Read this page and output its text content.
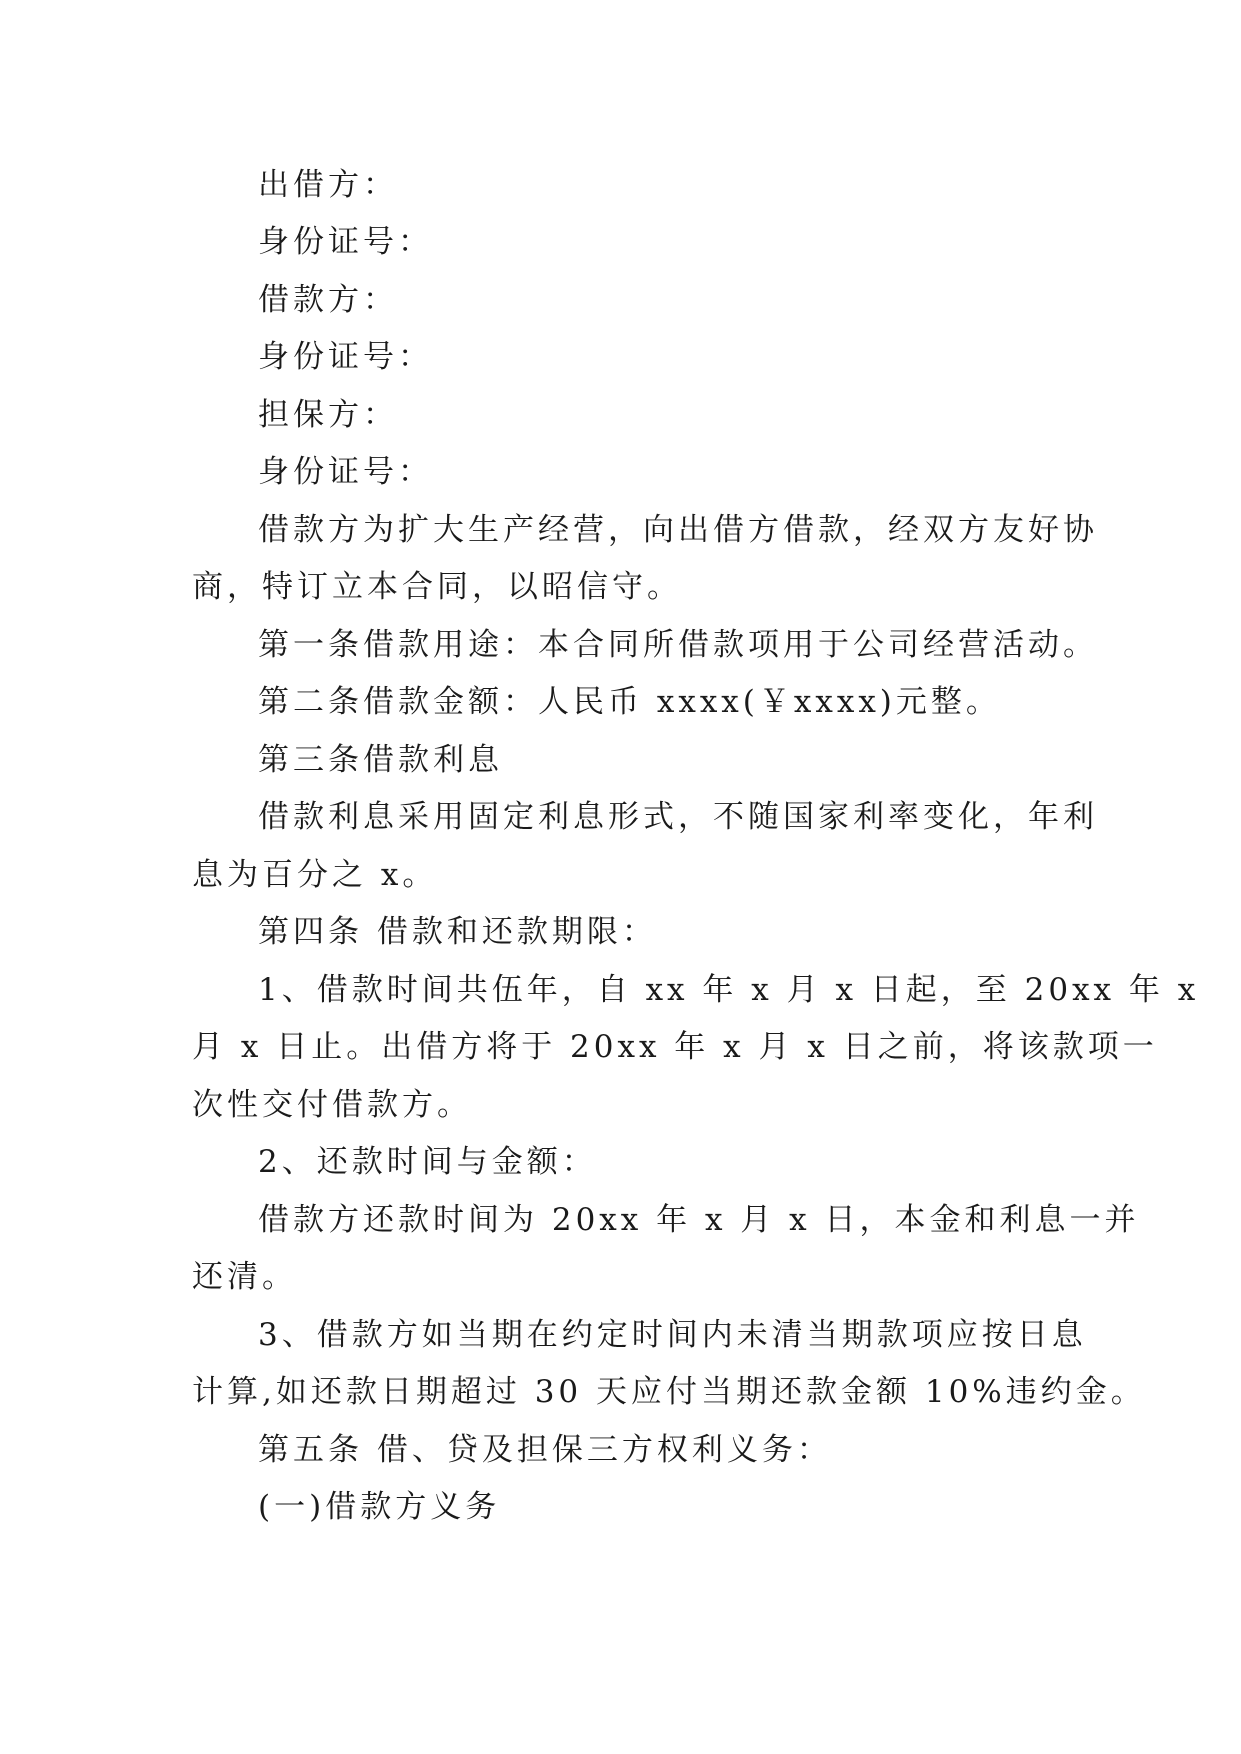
出借方：
身份证号：
借款方：
身份证号：
担保方：
身份证号：
借款方为扩大生产经营，向出借方借款，经双方友好协
商，特订立本合同，以昭信守。
第一条借款用途：本合同所借款项用于公司经营活动。
第二条借款金额：人民币 xxxx(￥xxxx)元整。
第三条借款利息
借款利息采用固定利息形式，不随国家利率变化，年利
息为百分之 x。
第四条 借款和还款期限：
1、借款时间共伍年，自 xx 年 x 月 x 日起，至 20xx 年 x
月 x 日止。出借方将于 20xx 年 x 月 x 日之前，将该款项一
次性交付借款方。
2、还款时间与金额：
借款方还款时间为 20xx 年 x 月 x 日，本金和利息一并
还清。
3、借款方如当期在约定时间内未清当期款项应按日息
计算,如还款日期超过 30 天应付当期还款金额 10%违约金。
第五条 借、贷及担保三方权利义务：
(一)借款方义务
